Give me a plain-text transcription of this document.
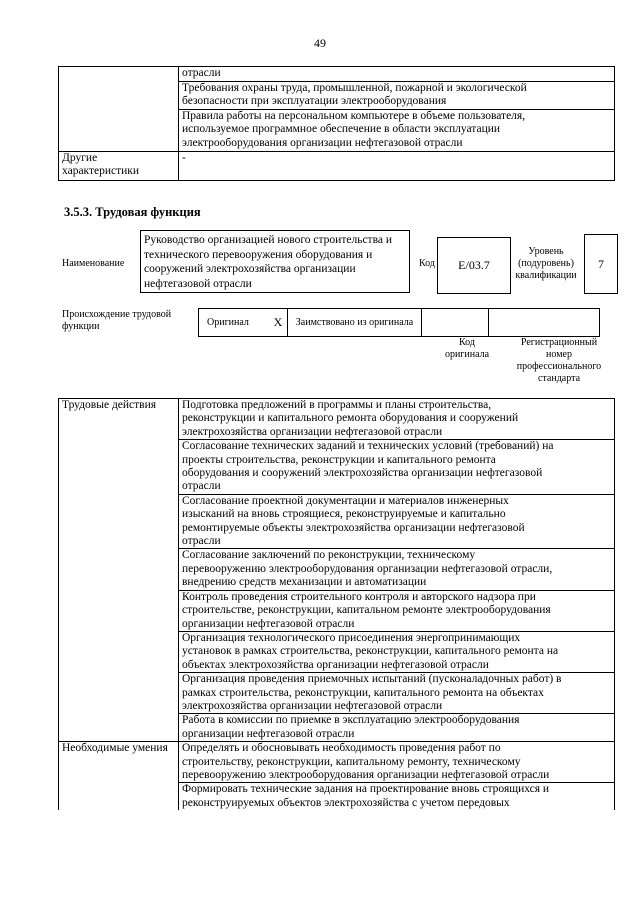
49

	отрасли

	Требования охраны труда, промышленной, пожарной и экологической
безопасности при эксплуатации электрооборудования

	Правила работы на персональном компьютере в объеме пользователя,
используемое программное обеспечение в области эксплуатации
электрооборудования организации нефтегазовой отрасли

Другие характеристики	-
3.5.3. Трудовая функция
Наименование
Руководство организацией нового строительства и технического перевооружения оборудования и сооружений электрохозяйства организации нефтегазовой отрасли
Код	E/03.7
Уровень (подуровень) квалификации
7
Происхождение трудовой функции	Оригинал	X	Заимствовано из оригинала		
Код оригинала
Регистрационный номер профессионального стандарта
Трудовые действия	Подготовка предложений в программы и планы строительства,
реконструкции и капитального ремонта оборудования и сооружений
электрохозяйства организации нефтегазовой отрасли

	Согласование технических заданий и технических условий (требований) на
проекты строительства, реконструкции и капитального ремонта
оборудования и сооружений электрохозяйства организации нефтегазовой
отрасли

	Согласование проектной документации и материалов инженерных
изысканий на вновь строящиеся, реконструируемые и капитально
ремонтируемые объекты электрохозяйства организации нефтегазовой
отрасли

	Согласование заключений по реконструкции, техническому
перевооружению электрооборудования организации нефтегазовой отрасли,
внедрению средств механизации и автоматизации

	Контроль проведения строительного контроля и авторского надзора при
строительстве, реконструкции, капитальном ремонте электрооборудования
организации нефтегазовой отрасли

	Организация технологического присоединения энергопринимающих
установок в рамках строительства, реконструкции, капитального ремонта на
объектах электрохозяйства организации нефтегазовой отрасли

	Организация проведения приемочных испытаний (пусконаладочных работ) в
рамках строительства, реконструкции, капитального ремонта на объектах
электрохозяйства организации нефтегазовой отрасли

	Работа в комиссии по приемке в эксплуатацию электрооборудования
организации нефтегазовой отрасли

Необходимые умения	Определять и обосновывать необходимость проведения работ по
строительству, реконструкции, капитальному ремонту, техническому
перевооружению электрооборудования организации нефтегазовой отрасли

	Формировать технические задания на проектирование вновь строящихся и
реконструируемых объектов электрохозяйства с учетом передовых
